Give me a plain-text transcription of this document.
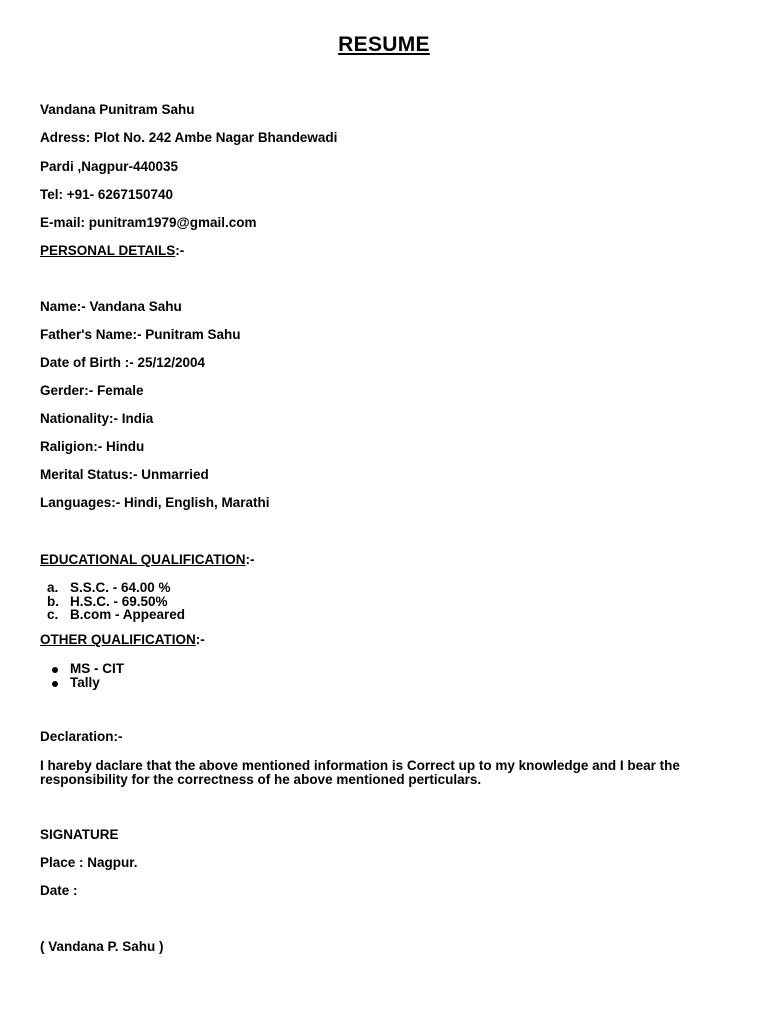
RESUME
Vandana Punitram Sahu
Adress: Plot No. 242 Ambe Nagar Bhandewadi
Pardi ,Nagpur-440035
Tel: +91- 6267150740
E-mail: punitram1979@gmail.com
PERSONAL DETAILS:-
Name:- Vandana Sahu
Father's Name:- Punitram Sahu
Date of Birth :- 25/12/2004
Gerder:- Female
Nationality:- India
Raligion:- Hindu
Merital Status:- Unmarried
Languages:- Hindi, English, Marathi
EDUCATIONAL QUALIFICATION:-
a. S.S.C. - 64.00 %
b. H.S.C. - 69.50%
c. B.com - Appeared
OTHER QUALIFICATION:-
MS - CIT
Tally
Declaration:-
I hareby daclare that the above mentioned information is Correct up to my knowledge and I bear the responsibility for the correctness of he above mentioned perticulars.
SIGNATURE
Place : Nagpur.
Date :
( Vandana P. Sahu )
